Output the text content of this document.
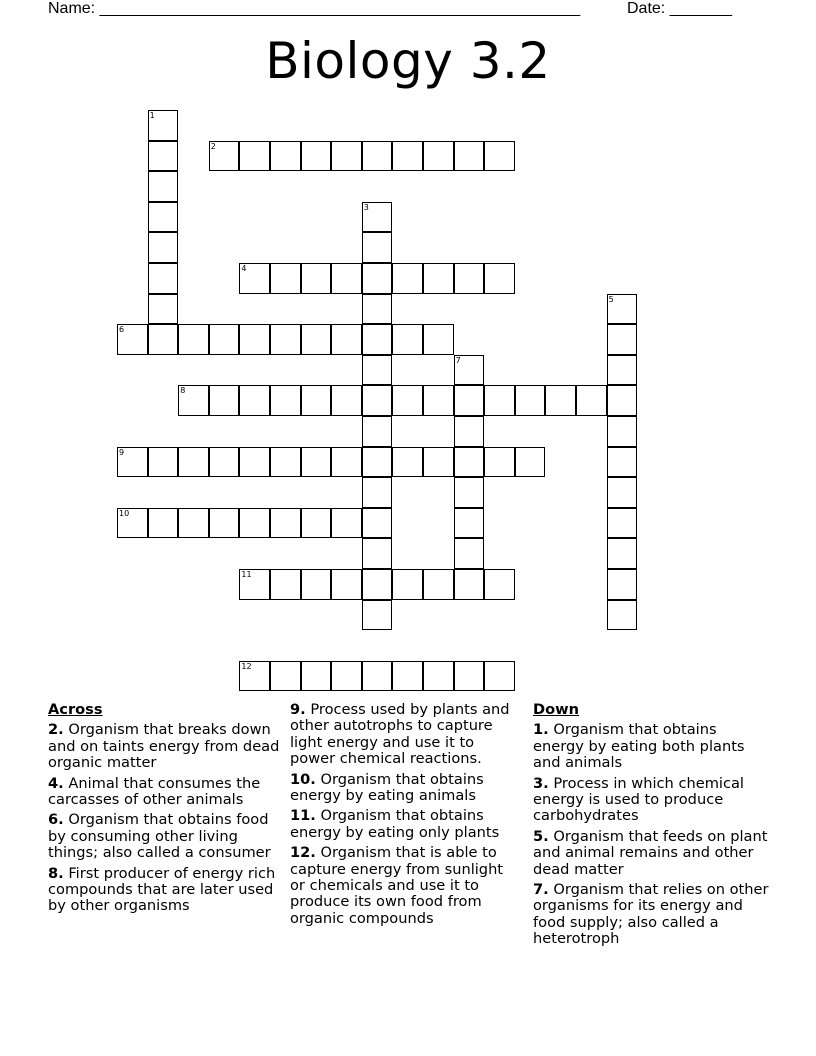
Name: ______________________________________________________	Date: _______
Biology 3.2
1
2
3
4
5
6
7
8
9
10
11
12
Across
2. Organism that breaks down and on taints energy from dead organic matter
4. Animal that consumes the carcasses of other animals
6. Organism that obtains food by consuming other living things; also called a consumer
8. First producer of energy rich compounds that are later used by other organisms
9. Process used by plants and other autotrophs to capture light energy and use it to power chemical reactions.
10. Organism that obtains energy by eating animals
11. Organism that obtains energy by eating only plants
12. Organism that is able to capture energy from sunlight or chemicals and use it to produce its own food from organic compounds
Down
1. Organism that obtains energy by eating both plants and animals
3. Process in which chemical energy is used to produce carbohydrates
5. Organism that feeds on plant and animal remains and other dead matter
7. Organism that relies on other organisms for its energy and food supply; also called a heterotroph
